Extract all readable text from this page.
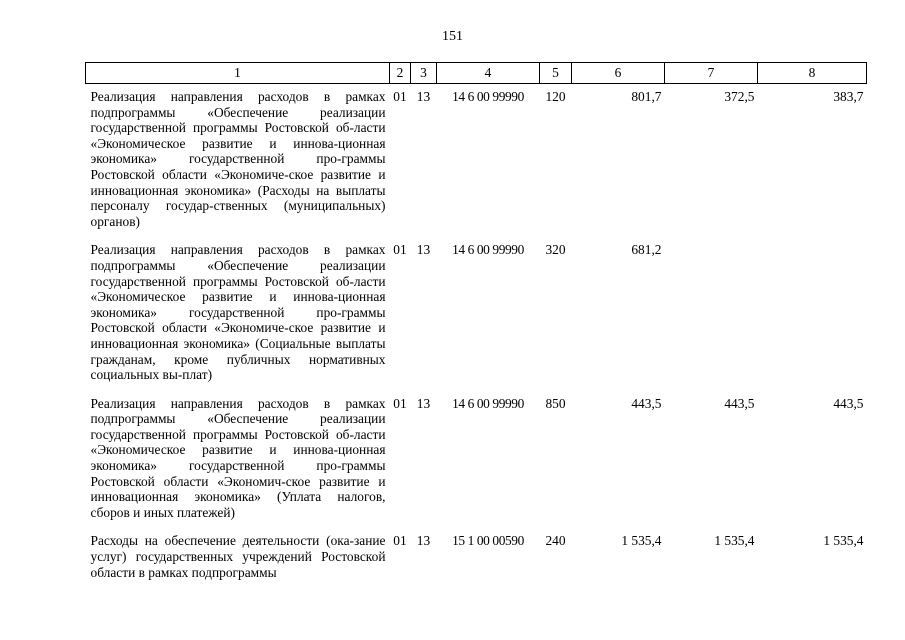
151
1	2	3	4	5	6	7	8
Реализация направления расходов в рамках подпрограммы «Обеспечение реализации государственной программы Ростовской об-ласти «Экономическое развитие и иннова-ционная экономика» государственной про-граммы Ростовской области «Экономиче-ское развитие и инновационная экономика» (Расходы на выплаты персоналу государ-ственных (муниципальных) органов)	01	13	14 6 00 99990	120	801,7	372,5	383,7
Реализация направления расходов в рамках подпрограммы «Обеспечение реализации государственной программы Ростовской об-ласти «Экономическое развитие и иннова-ционная экономика» государственной про-граммы Ростовской области «Экономиче-ское развитие и инновационная экономика» (Социальные выплаты гражданам, кроме публичных нормативных социальных вы-плат)	01	13	14 6 00 99990	320	681,2		
Реализация направления расходов в рамках подпрограммы «Обеспечение реализации государственной программы Ростовской об-ласти «Экономическое развитие и иннова-ционная экономика» государственной про-граммы Ростовской области «Экономич-ское развитие и инновационная экономика» (Уплата налогов, сборов и иных платежей)	01	13	14 6 00 99990	850	443,5	443,5	443,5
Расходы на обеспечение деятельности (ока-зание услуг) государственных учреждений Ростовской области в рамках подпрограммы	01	13	15 1 00 00590	240	1 535,4	1 535,4	1 535,4
